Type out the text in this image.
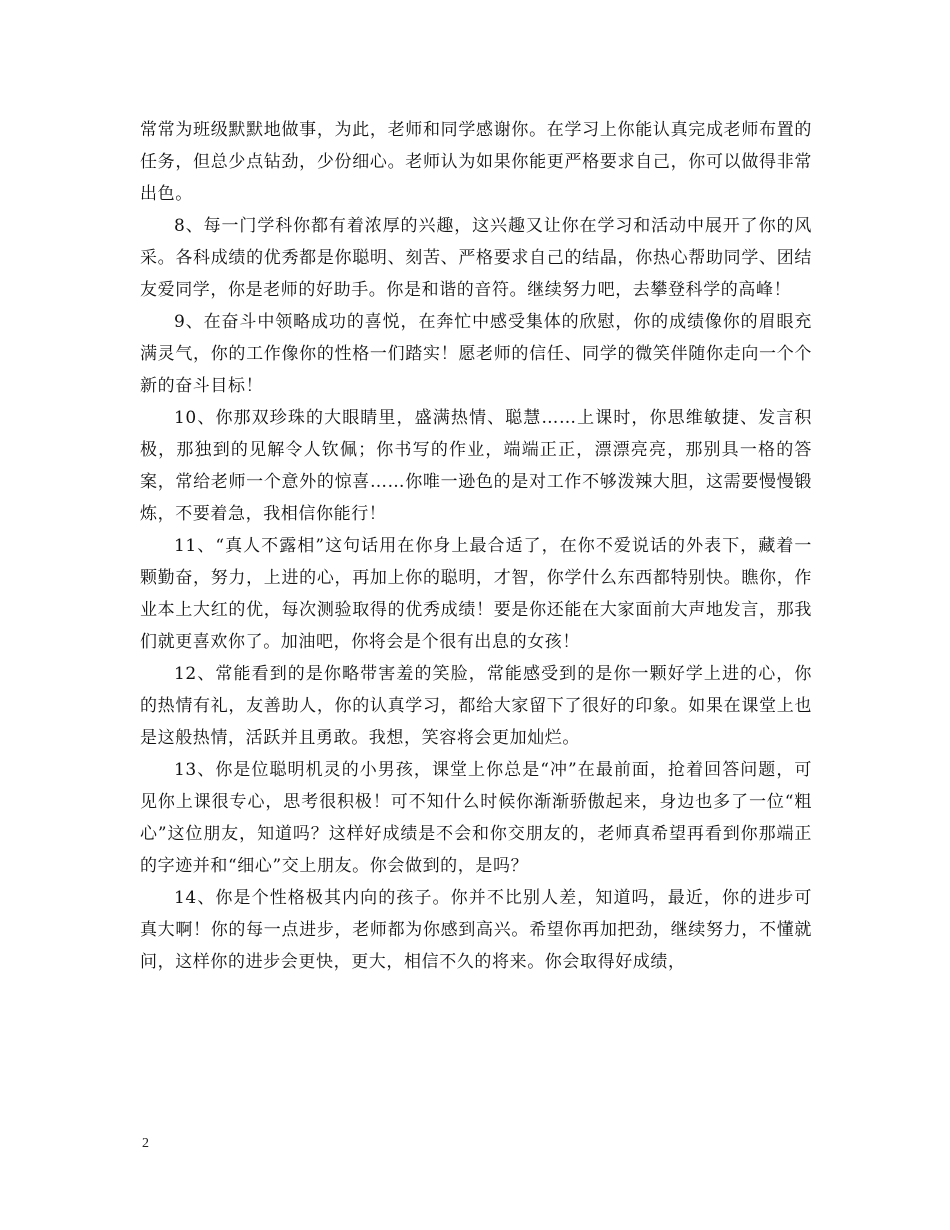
常常为班级默默地做事，为此，老师和同学感谢你。在学习上你能认真完成老师布置的任务，但总少点钻劲，少份细心。老师认为如果你能更严格要求自己，你可以做得非常出色。

8、每一门学科你都有着浓厚的兴趣，这兴趣又让你在学习和活动中展开了你的风采。各科成绩的优秀都是你聪明、刻苦、严格要求自己的结晶，你热心帮助同学、团结友爱同学，你是老师的好助手。你是和谐的音符。继续努力吧，去攀登科学的高峰！

9、在奋斗中领略成功的喜悦，在奔忙中感受集体的欣慰，你的成绩像你的眉眼充满灵气，你的工作像你的性格一们踏实！愿老师的信任、同学的微笑伴随你走向一个个新的奋斗目标！

10、你那双珍珠的大眼睛里，盛满热情、聪慧……上课时，你思维敏捷、发言积极，那独到的见解令人钦佩；你书写的作业，端端正正，漂漂亮亮，那别具一格的答案，常给老师一个意外的惊喜……你唯一逊色的是对工作不够泼辣大胆，这需要慢慢锻炼，不要着急，我相信你能行！

11、“真人不露相”这句话用在你身上最合适了，在你不爱说话的外表下，藏着一颗勤奋，努力，上进的心，再加上你的聪明，才智，你学什么东西都特别快。瞧你，作业本上大红的优，每次测验取得的优秀成绩！要是你还能在大家面前大声地发言，那我们就更喜欢你了。加油吧，你将会是个很有出息的女孩！

12、常能看到的是你略带害羞的笑脸，常能感受到的是你一颗好学上进的心，你的热情有礼，友善助人，你的认真学习，都给大家留下了很好的印象。如果在课堂上也是这般热情，活跃并且勇敢。我想，笑容将会更加灿烂。

13、你是位聪明机灵的小男孩，课堂上你总是“冲”在最前面，抢着回答问题，可见你上课很专心，思考很积极！可不知什么时候你渐渐骄傲起来，身边也多了一位“粗心”这位朋友，知道吗？这样好成绩是不会和你交朋友的，老师真希望再看到你那端正的字迹并和“细心”交上朋友。你会做到的，是吗？

14、你是个性格极其内向的孩子。你并不比别人差，知道吗，最近，你的进步可真大啊！你的每一点进步，老师都为你感到高兴。希望你再加把劲，继续努力，不懂就问，这样你的进步会更快，更大，相信不久的将来。你会取得好成绩，

2
